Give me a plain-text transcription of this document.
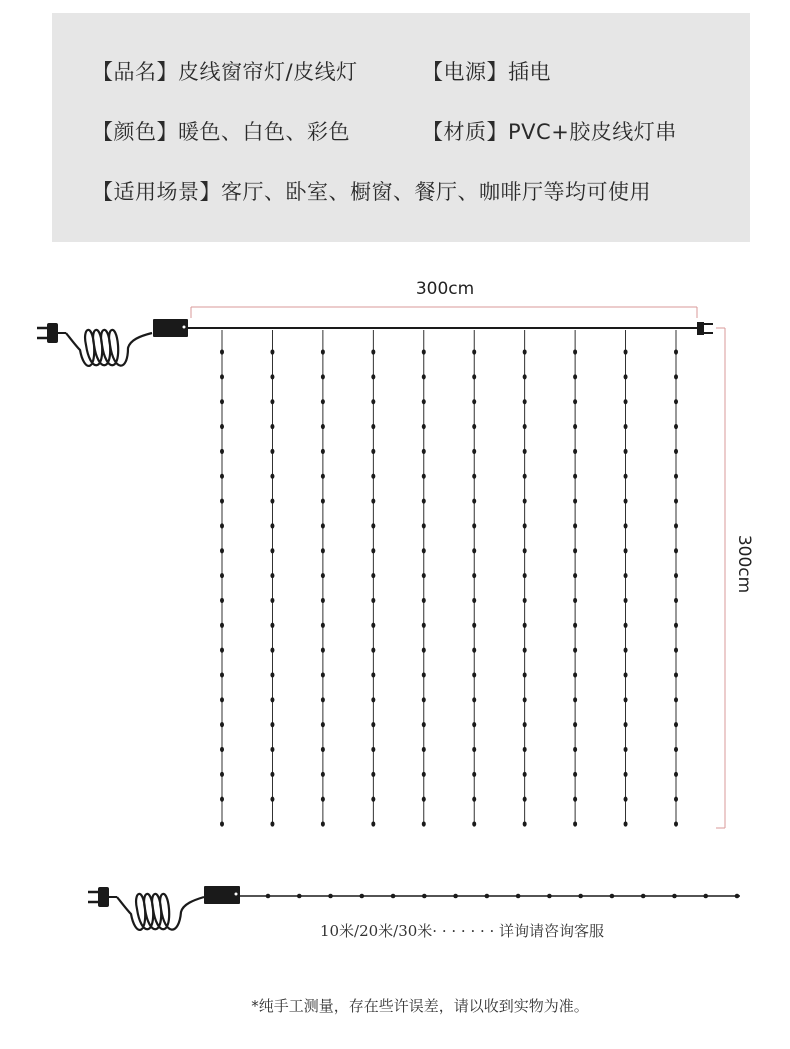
【品名】皮线窗帘灯/皮线灯	【电源】插电
【颜色】暖色、白色、彩色	【材质】PVC+胶皮线灯串
【适用场景】客厅、卧室、橱窗、餐厅、咖啡厅等均可使用
300cm
300cm
10米/20米/30米· · · · · · · 详询请咨询客服
*纯手工测量，存在些许误差，请以收到实物为准。
